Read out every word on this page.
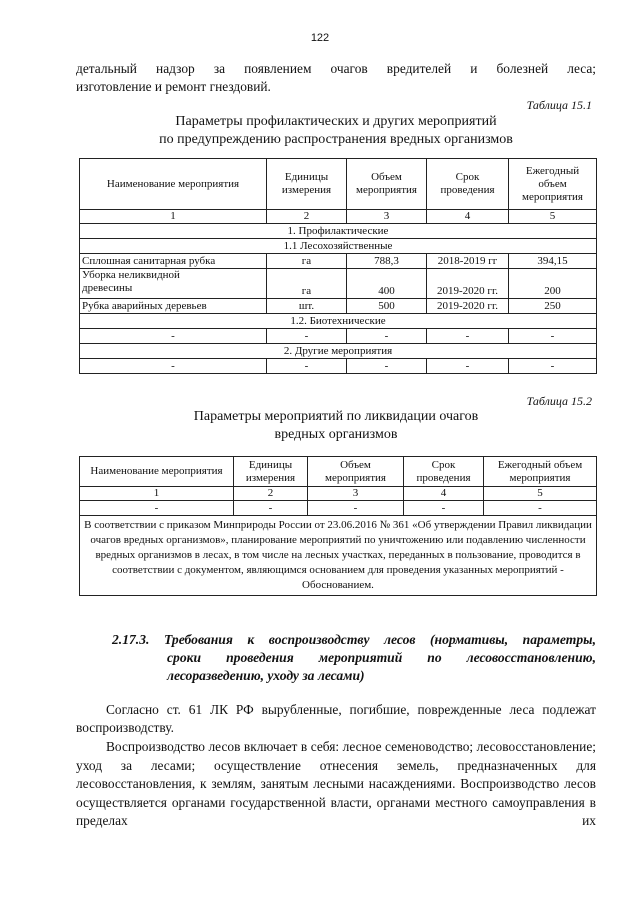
122
детальный надзор за появлением очагов вредителей и болезней леса;
изготовление и ремонт гнездовий.
Таблица 15.1
Параметры профилактических и других мероприятий
по предупреждению распространения вредных организмов
Наименование мероприятия	Единицы измерения	Объем мероприятия	Срок проведения	Ежегодный объем мероприятия
1	2	3	4	5
1. Профилактические				
1.1 Лесохозяйственные				
Сплошная санитарная рубка	га	788,3	2018-2019 гг	394,15
Уборка неликвидной
древесины	га	400	2019-2020 гг.	200
Рубка аварийных деревьев	шт.	500	2019-2020 гг.	250
1.2. Биотехнические				
-	-	-	-	-
2. Другие мероприятия				
-	-	-	-	-
Таблица 15.2
Параметры мероприятий по ликвидации очагов
вредных организмов
Наименование мероприятия	Единицы измерения	Объем мероприятия	Срок проведения	Ежегодный объем мероприятия
1	2	3	4	5
-	-	-	-	-
В соответствии с приказом Минприроды России от 23.06.2016 № 361 «Об утверждении Правил ликвидации очагов вредных организмов», планирование мероприятий по уничтожению или подавлению численности вредных организмов в лесах, в том числе на лесных участках, переданных в пользование, проводится в соответствии с документом, являющимся основанием для проведения указанных мероприятий - Обоснованием.				
2.17.3. Требования к воспроизводству лесов (нормативы, параметры,
сроки проведения мероприятий по лесовосстановлению,
лесоразведению, уходу за лесами)
Согласно ст. 61 ЛК РФ вырубленные, погибшие, поврежденные леса подлежат воспроизводству.
Воспроизводство лесов включает в себя: лесное семеноводство; лесовосстановление; уход за лесами; осуществление отнесения земель, предназначенных для лесовосстановления, к землям, занятым лесными насаждениями. Воспроизводство лесов осуществляется органами государственной власти, органами местного самоуправления в пределах их
